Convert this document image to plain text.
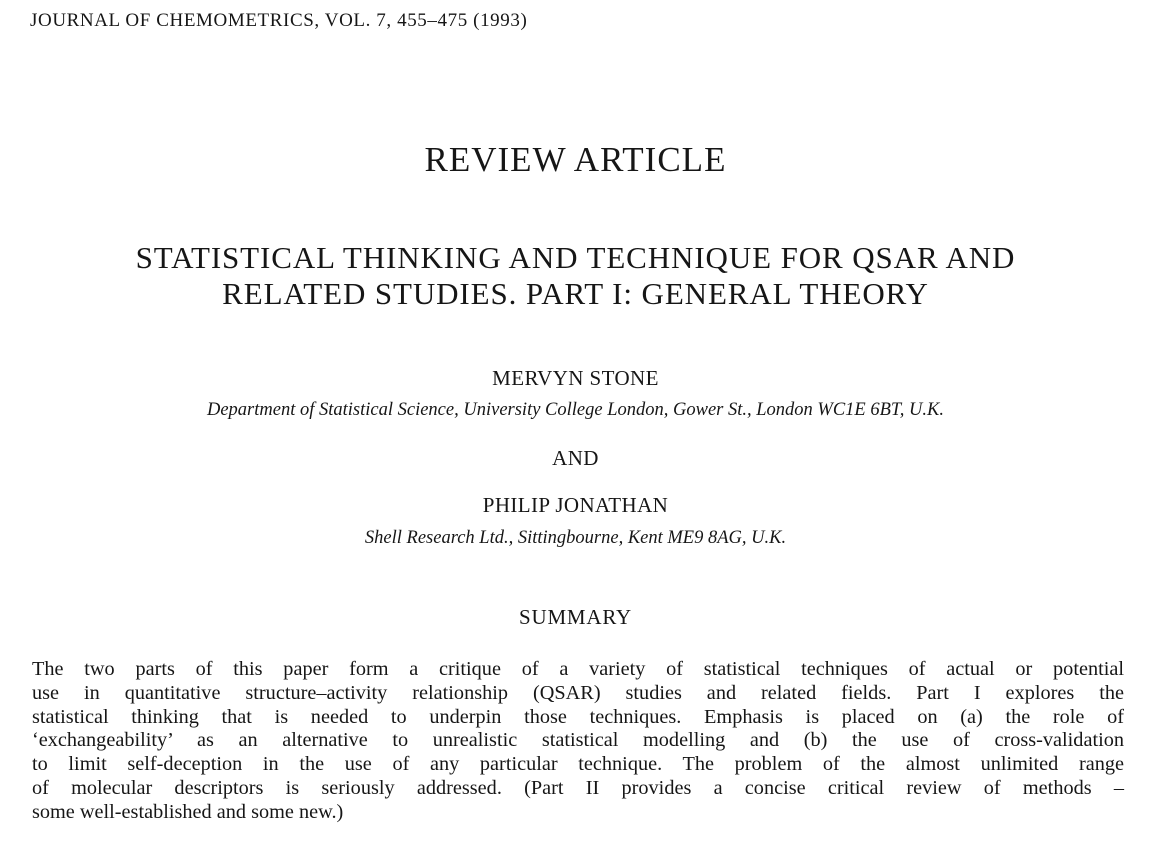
JOURNAL OF CHEMOMETRICS, VOL. 7, 455–475 (1993)
REVIEW ARTICLE
STATISTICAL THINKING AND TECHNIQUE FOR QSAR AND
RELATED STUDIES. PART I: GENERAL THEORY
MERVYN STONE
Department of Statistical Science, University College London, Gower St., London WC1E 6BT, U.K.
AND
PHILIP JONATHAN
Shell Research Ltd., Sittingbourne, Kent ME9 8AG, U.K.
SUMMARY
The two parts of this paper form a critique of a variety of statistical techniques of actual or potential
use in quantitative structure–activity relationship (QSAR) studies and related fields. Part I explores the
statistical thinking that is needed to underpin those techniques. Emphasis is placed on (a) the role of
‘exchangeability’ as an alternative to unrealistic statistical modelling and (b) the use of cross-validation
to limit self-deception in the use of any particular technique. The problem of the almost unlimited range
of molecular descriptors is seriously addressed. (Part II provides a concise critical review of methods –
some well-established and some new.)
